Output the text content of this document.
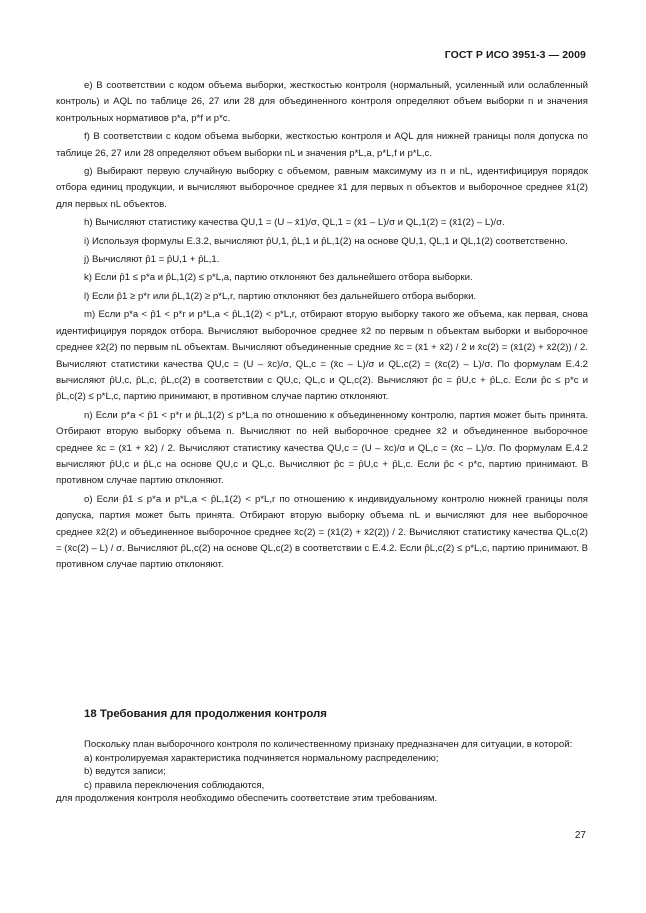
ГОСТ Р ИСО 3951-3 — 2009

е) В соответствии с кодом объема выборки, жесткостью контроля (нормальный, усиленный или ослабленный контроль) и AQL по таблице 26, 27 или 28 для объединенного контроля определяют объем выборки n и значения контрольных нормативов p*a, p*f и p*c.

f) В соответствии с кодом объема выборки, жесткостью контроля и AQL для нижней границы поля допуска по таблице 26, 27 или 28 определяют объем выборки nL и значения p*L,a, p*L,f и p*L,c.

g) Выбирают первую случайную выборку с объемом, равным максимуму из n и nL, идентифицируя порядок отбора единиц продукции, и вычисляют выборочное среднее x̄1 для первых n объектов и выборочное среднее x̄1(2) для первых nL объектов.

h) Вычисляют статистику качества QU,1 = (U – x̄1)/σ, QL,1 = (x̄1 – L)/σ и QL,1(2) = (x̄1(2) – L)/σ.

i) Используя формулы Е.3.2, вычисляют p̂U,1, p̂L,1 и p̂L,1(2) на основе QU,1, QL,1 и QL,1(2) соответственно.

j) Вычисляют p̂1 = p̂U,1 + p̂L,1.

k) Если p̂1 ≤ p*a и p̂L,1(2) ≤ p*L,a, партию отклоняют без дальнейшего отбора выборки.

l) Если p̂1 ≥ p*r или p̂L,1(2) ≥ p*L,r, партию отклоняют без дальнейшего отбора выборки.

m) Если p*a < p̂1 < p*r и p*L,a < p̂L,1(2) < p*L,r, отбирают вторую выборку такого же объема, как первая, снова идентифицируя порядок отбора. Вычисляют выборочное среднее x̄2 по первым n объектам выборки и выборочное среднее x̄2(2) по первым nL объектам. Вычисляют объединенные средние x̄c = (x̄1 + x̄2) / 2 и x̄c(2) = (x̄1(2) + x̄2(2)) / 2. Вычисляют статистики качества QU,c = (U – x̄c)/σ, QL,c = (x̄c – L)/σ и QL,c(2) = (x̄c(2) – L)/σ. По формулам Е.4.2 вычисляют p̂U,c, p̂L,c, p̂L,c(2) в соответствии с QU,c, QL,c и QL,c(2). Вычисляют p̂c = p̂U,c + p̂L,c. Если p̂c ≤ p*c и p̂L,c(2) ≤ p*L,c, партию принимают, в противном случае партию отклоняют.

n) Если p*a < p̂1 < p*r и p̂L,1(2) ≤ p*L,a по отношению к объединенному контролю, партия может быть принята. Отбирают вторую выборку объема n. Вычисляют по ней выборочное среднее x̄2 и объединенное выборочное среднее x̄c = (x̄1 + x̄2) / 2. Вычисляют статистику качества QU,c = (U – x̄c)/σ и QL,c = (x̄c – L)/σ. По формулам Е.4.2 вычисляют p̂U,c и p̂L,c на основе QU,c и QL,c. Вычисляют p̂c = p̂U,c + p̂L,c. Если p̂c < p*c, партию принимают. В противном случае партию отклоняют.

o) Если p̂1 ≤ p*a и p*L,a < p̂L,1(2) < p*L,r по отношению к индивидуальному контролю нижней границы поля допуска, партия может быть принята. Отбирают вторую выборку объема nL и вычисляют для нее выборочное среднее x̄2(2) и объединенное выборочное среднее x̄c(2) = (x̄1(2) + x̄2(2)) / 2. Вычисляют статистику качества QL,c(2) = (x̄c(2) – L) / σ. Вычисляют p̂L,c(2) на основе QL,c(2) в соответствии с Е.4.2. Если p̂L,c(2) ≤ p*L,c, партию принимают. В противном случае партию отклоняют.

18 Требования для продолжения контроля

Поскольку план выборочного контроля по количественному признаку предназначен для ситуации, в которой:

a) контролируемая характеристика подчиняется нормальному распределению;

b) ведутся записи;

c) правила переключения соблюдаются,

для продолжения контроля необходимо обеспечить соответствие этим требованиям.

27
